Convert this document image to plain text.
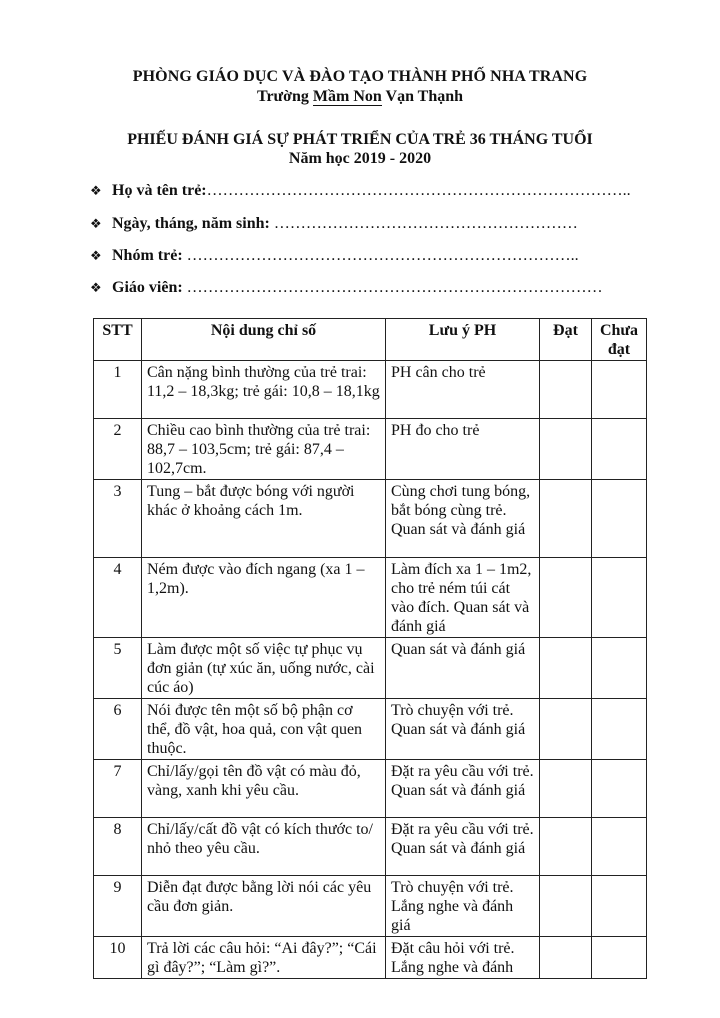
PHÒNG GIÁO DỤC VÀ ĐÀO TẠO THÀNH PHỐ NHA TRANG
Trường Mầm Non Vạn Thạnh
PHIẾU ĐÁNH GIÁ SỰ PHÁT TRIỂN CỦA TRẺ 36 THÁNG TUỔI
Năm học 2019 - 2020
❖ Họ và tên trẻ:……………………………………………………………………..
❖ Ngày, tháng, năm sinh: …………………………………………………
❖ Nhóm trẻ: ………………………………………………………………..
❖ Giáo viên: ……………………………………………………………………
STT	Nội dung chỉ số	Lưu ý PH	Đạt	Chưa đạt
1	Cân nặng bình thường của trẻ trai: 11,2 – 18,3kg; trẻ gái: 10,8 – 18,1kg	PH cân cho trẻ		
2	Chiều cao bình thường của trẻ trai: 88,7 – 103,5cm; trẻ gái: 87,4 – 102,7cm.	PH đo cho trẻ		
3	Tung – bắt được bóng với người khác ở khoảng cách 1m.	Cùng chơi tung bóng, bắt bóng cùng trẻ. Quan sát và đánh giá		
4	Ném được vào đích ngang (xa 1 – 1,2m).	Làm đích xa 1 – 1m2, cho trẻ ném túi cát vào đích. Quan sát và đánh giá		
5	Làm được một số việc tự phục vụ đơn giản (tự xúc ăn, uống nước, cài cúc áo)	Quan sát và đánh giá		
6	Nói được tên một số bộ phận cơ thể, đồ vật, hoa quả, con vật quen thuộc.	Trò chuyện với trẻ. Quan sát và đánh giá		
7	Chỉ/lấy/gọi tên đồ vật có màu đỏ, vàng, xanh khi yêu cầu.	Đặt ra yêu cầu với trẻ. Quan sát và đánh giá		
8	Chỉ/lấy/cất đồ vật có kích thước to/ nhỏ theo yêu cầu.	Đặt ra yêu cầu với trẻ. Quan sát và đánh giá		
9	Diễn đạt được bằng lời nói các yêu cầu đơn giản.	Trò chuyện với trẻ. Lắng nghe và đánh giá		
10	Trả lời các câu hỏi: “Ai đây?”; “Cái gì đây?”; “Làm gì?”.	Đặt câu hỏi với trẻ. Lắng nghe và đánh		
